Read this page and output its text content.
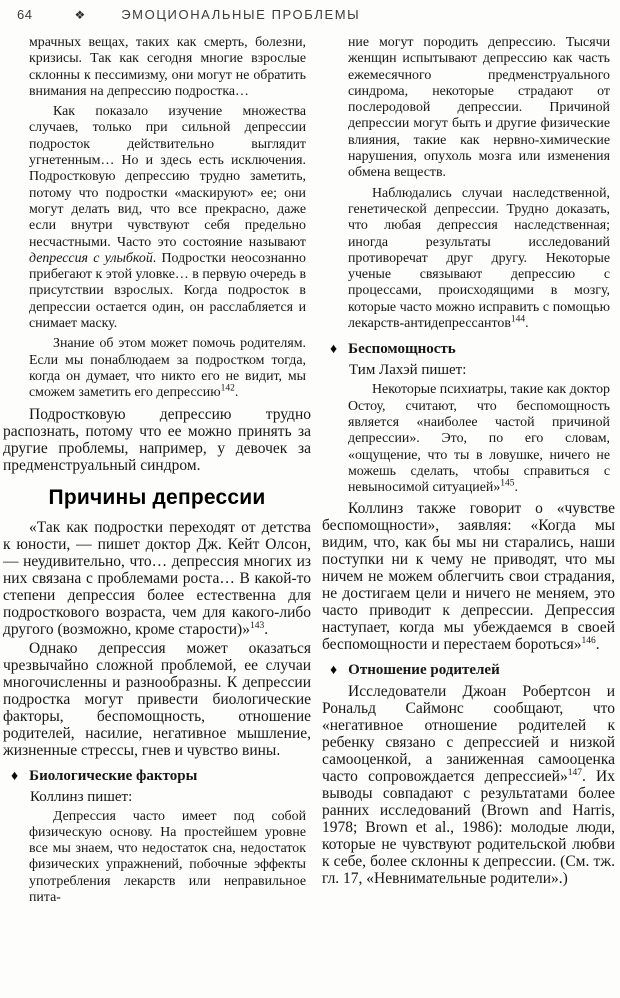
64	❖	ЭМОЦИОНАЛЬНЫЕ ПРОБЛЕМЫ

мрачных вещах, таких как смерть, болезни, кризисы. Так как сегодня многие взрослые склонны к пессимизму, они могут не обратить внимания на депрессию подростка…

Как показало изучение множества случаев, только при сильной депрессии подросток действительно выглядит угнетенным… Но и здесь есть исключения. Подростковую депрессию трудно заметить, потому что подростки «маскируют» ее; они могут делать вид, что все прекрасно, даже если внутри чувствуют себя предельно несчастными. Часто это состояние называют депрессия с улыбкой. Подростки неосознанно прибегают к этой уловке… в первую очередь в присутствии взрослых. Когда подросток в депрессии остается один, он расслабляется и снимает маску.

Знание об этом может помочь родителям. Если мы понаблюдаем за подростком тогда, когда он думает, что никто его не видит, мы сможем заметить его депрессию$^{142}$.

Подростковую депрессию трудно распознать, потому что ее можно принять за другие проблемы, например, у девочек за предменструальный синдром.

Причины депрессии

«Так как подростки переходят от детства к юности, — пишет доктор Дж. Кейт Олсон, — неудивительно, что… депрессия многих из них связана с проблемами роста… В какой-то степени депрессия более естественна для подросткового возраста, чем для какого-либо другого (возможно, кроме старости)»$^{143}$.

Однако депрессия может оказаться чрезвычайно сложной проблемой, ее случаи многочисленны и разнообразны. К депрессии подростка могут привести биологические факторы, беспомощность, отношение родителей, насилие, негативное мышление, жизненные стрессы, гнев и чувство вины.

♦ Биологические факторы

Коллинз пишет:

Депрессия часто имеет под собой физическую основу. На простейшем уровне все мы знаем, что недостаток сна, недостаток физических упражнений, побочные эффекты употребления лекарств или неправильное пита-

ние могут породить депрессию. Тысячи женщин испытывают депрессию как часть ежемесячного предменструального синдрома, некоторые страдают от послеродовой депрессии. Причиной депрессии могут быть и другие физические влияния, такие как нервно-химические нарушения, опухоль мозга или изменения обмена веществ.

Наблюдались случаи наследственной, генетической депрессии. Трудно доказать, что любая депрессия наследственная; иногда результаты исследований противоречат друг другу. Некоторые ученые связывают депрессию с процессами, происходящими в мозгу, которые часто можно исправить с помощью лекарств-антидепрессантов$^{144}$.

♦ Беспомощность

Тим Лахэй пишет:

Некоторые психиатры, такие как доктор Остоу, считают, что беспомощность является «наиболее частой причиной депрессии». Это, по его словам, «ощущение, что ты в ловушке, ничего не можешь сделать, чтобы справиться с невыносимой ситуацией»$^{145}$.

Коллинз также говорит о «чувстве беспомощности», заявляя: «Когда мы видим, что, как бы мы ни старались, наши поступки ни к чему не приводят, что мы ничем не можем облегчить свои страдания, не достигаем цели и ничего не меняем, это часто приводит к депрессии. Депрессия наступает, когда мы убеждаемся в своей беспомощности и перестаем бороться»$^{146}$.

♦ Отношение родителей

Исследователи Джоан Робертсон и Рональд Саймонс сообщают, что «негативное отношение родителей к ребенку связано с депрессией и низкой самооценкой, а заниженная самооценка часто сопровождается депрессией»$^{147}$. Их выводы совпадают с результатами более ранних исследований (Brown and Harris, 1978; Brown et al., 1986): молодые люди, которые не чувствуют родительской любви к себе, более склонны к депрессии. (См. тж. гл. 17, «Невнимательные родители».)
